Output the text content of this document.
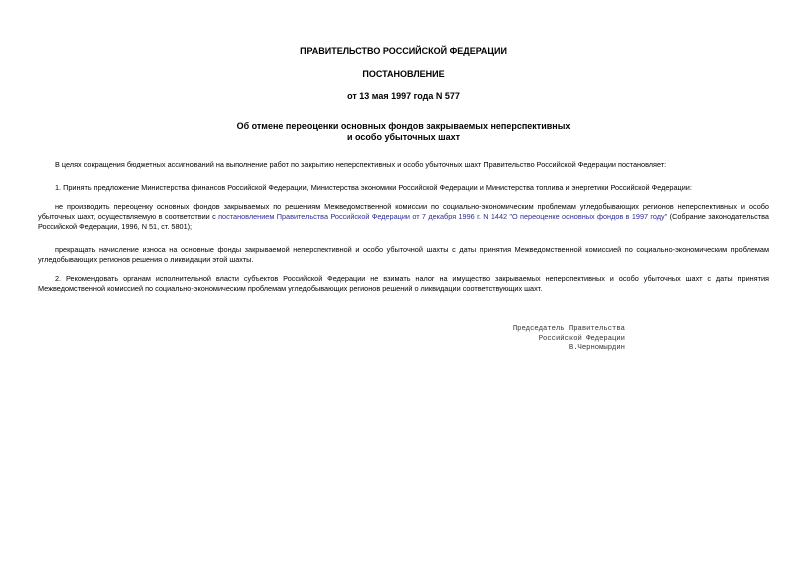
ПРАВИТЕЛЬСТВО РОССИЙСКОЙ ФЕДЕРАЦИИ
ПОСТАНОВЛЕНИЕ
от 13 мая 1997 года N 577
Об отмене переоценки основных фондов закрываемых неперспективных
и особо убыточных шахт

В целях сокращения бюджетных ассигнований на выполнение работ по закрытию неперспективных и особо убыточных шахт Правительство Российской Федерации постановляет:

1. Принять предложение Министерства финансов Российской Федерации, Министерства экономики Российской Федерации и Министерства топлива и энергетики Российской Федерации:

не производить переоценку основных фондов закрываемых по решениям Межведомственной комиссии по социально-экономическим проблемам угледобывающих регионов неперспективных и особо убыточных шахт, осуществляемую в соответствии с постановлением Правительства Российской Федерации от 7 декабря 1996 г. N 1442 "О переоценке основных фондов в 1997 году" (Собрание законодательства Российской Федерации, 1996, N 51, ст. 5801);

прекращать начисление износа на основные фонды закрываемой неперспективной и особо убыточной шахты с даты принятия Межведомственной комиссией по социально-экономическим проблемам угледобывающих регионов решения о ликвидации этой шахты.

2. Рекомендовать органам исполнительной власти субъектов Российской Федерации не взимать налог на имущество закрываемых неперспективных и особо убыточных шахт с даты принятия Межведомственной комиссией по социально-экономическим проблемам угледобывающих регионов решений о ликвидации соответствующих шахт.

Председатель Правительства
Российской Федерации
В.Черномырдин
